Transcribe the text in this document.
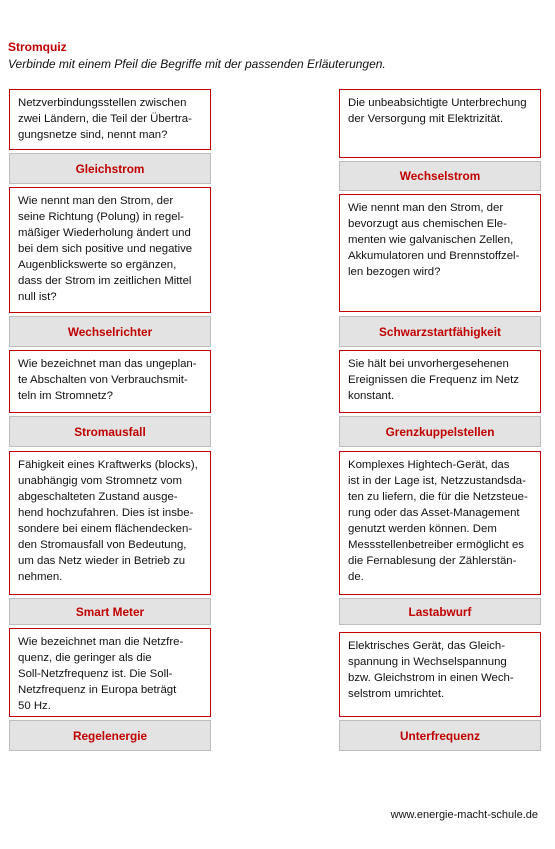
Stromquiz
Verbinde mit einem Pfeil die Begriffe mit der passenden Erläuterungen.
Netzverbindungsstellen zwischen
zwei Ländern, die Teil der Übertra-
gungsnetze sind, nennt man?
Gleichstrom
Wie nennt man den Strom, der
seine Richtung (Polung) in regel-
mäßiger Wiederholung ändert und
bei dem sich positive und negative
Augenblickswerte so ergänzen,
dass der Strom im zeitlichen Mittel
null ist?
Wechselrichter
Wie bezeichnet man das ungeplan-
te Abschalten von Verbrauchsmit-
teln im Stromnetz?
Stromausfall
Fähigkeit eines Kraftwerks (blocks),
unabhängig vom Stromnetz vom
abgeschalteten Zustand ausge-
hend hochzufahren. Dies ist insbe-
sondere bei einem flächendecken-
den Stromausfall von Bedeutung,
um das Netz wieder in Betrieb zu
nehmen.
Smart Meter
Wie bezeichnet man die Netzfre-
quenz, die geringer als die
Soll-Netzfrequenz ist. Die Soll-
Netzfrequenz in Europa beträgt
50 Hz.
Regelenergie
Die unbeabsichtigte Unterbrechung
der Versorgung mit Elektrizität.
Wechselstrom
Wie nennt man den Strom, der
bevorzugt aus chemischen Ele-
menten wie galvanischen Zellen,
Akkumulatoren und Brennstoffzel-
len bezogen wird?
Schwarzstartfähigkeit
Sie hält bei unvorhergesehenen
Ereignissen die Frequenz im Netz
konstant.
Grenzkuppelstellen
Komplexes Hightech-Gerät, das
ist in der Lage ist, Netzzustandsda-
ten zu liefern, die für die Netzsteue-
rung oder das Asset-Management
genutzt werden können. Dem
Messstellenbetreiber ermöglicht es
die Fernablesung der Zählerstän-
de.
Lastabwurf
Elektrisches Gerät, das Gleich-
spannung in Wechselspannung
bzw. Gleichstrom in einen Wech-
selstrom umrichtet.
Unterfrequenz
www.energie-macht-schule.de
